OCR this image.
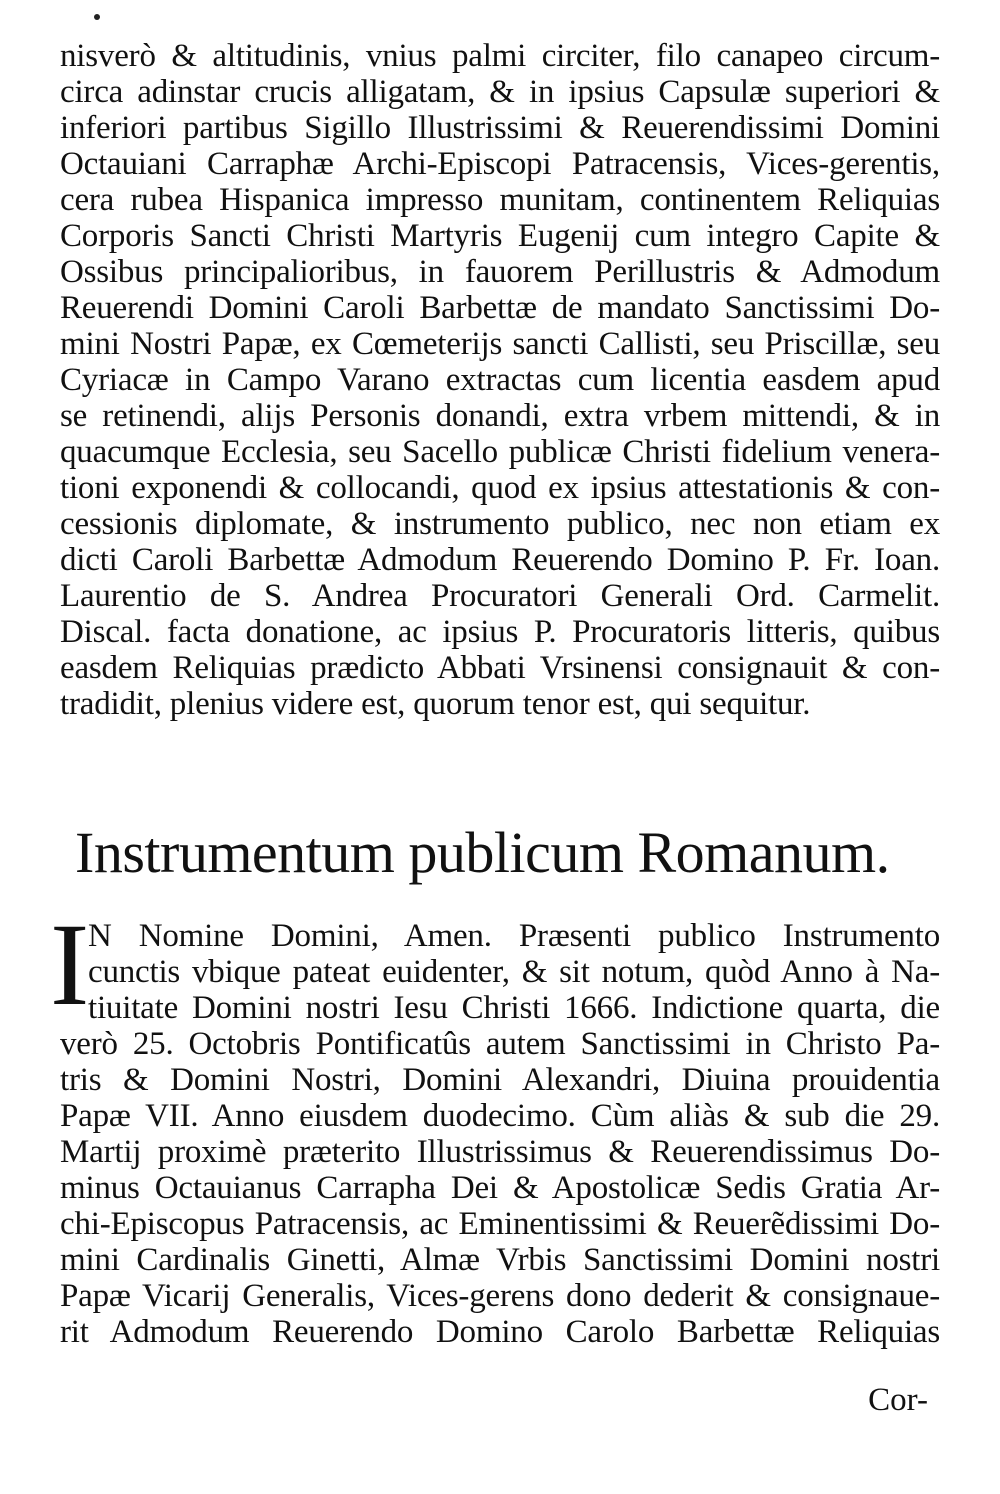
nisverò & altitudinis, vnius palmi circiter, filo canapeo circum-
circa adinstar crucis alligatam, & in ipsius Capsulæ superiori &
inferiori partibus Sigillo Illustrissimi & Reuerendissimi Domini
Octauiani Carraphæ Archi-Episcopi Patracensis, Vices-gerentis,
cera rubea Hispanica impresso munitam, continentem Reliquias
Corporis Sancti Christi Martyris Eugenij cum integro Capite &
Ossibus principalioribus, in fauorem Perillustris & Admodum
Reuerendi Domini Caroli Barbettæ de mandato Sanctissimi Do-
mini Nostri Papæ, ex Cœmeterijs sancti Callisti, seu Priscillæ, seu
Cyriacæ in Campo Varano extractas cum licentia easdem apud
se retinendi, alijs Personis donandi, extra vrbem mittendi, & in
quacumque Ecclesia, seu Sacello publicæ Christi fidelium venera-
tioni exponendi & collocandi, quod ex ipsius attestationis & con-
cessionis diplomate, & instrumento publico, nec non etiam ex
dicti Caroli Barbettæ Admodum Reuerendo Domino P. Fr. Ioan.
Laurentio de S. Andrea Procuratori Generali Ord. Carmelit.
Discal. facta donatione, ac ipsius P. Procuratoris litteris, quibus
easdem Reliquias prædicto Abbati Vrsinensi consignauit & con-
tradidit, plenius videre est, quorum tenor est, qui sequitur.
Instrumentum publicum Romanum.
I
N Nomine Domini, Amen. Præsenti publico Instrumento
cunctis vbique pateat euidenter, & sit notum, quòd Anno à Na-
tiuitate Domini nostri Iesu Christi 1666. Indictione quarta, die
verò 25. Octobris Pontificatûs autem Sanctissimi in Christo Pa-
tris & Domini Nostri, Domini Alexandri, Diuina prouidentia
Papæ VII. Anno eiusdem duodecimo. Cùm aliàs & sub die 29.
Martij proximè præterito Illustrissimus & Reuerendissimus Do-
minus Octauianus Carrapha Dei & Apostolicæ Sedis Gratia Ar-
chi-Episcopus Patracensis, ac Eminentissimi & Reuerẽdissimi Do-
mini Cardinalis Ginetti, Almæ Vrbis Sanctissimi Domini nostri
Papæ Vicarij Generalis, Vices-gerens dono dederit & consignaue-
rit Admodum Reuerendo Domino Carolo Barbettæ Reliquias
Cor-
